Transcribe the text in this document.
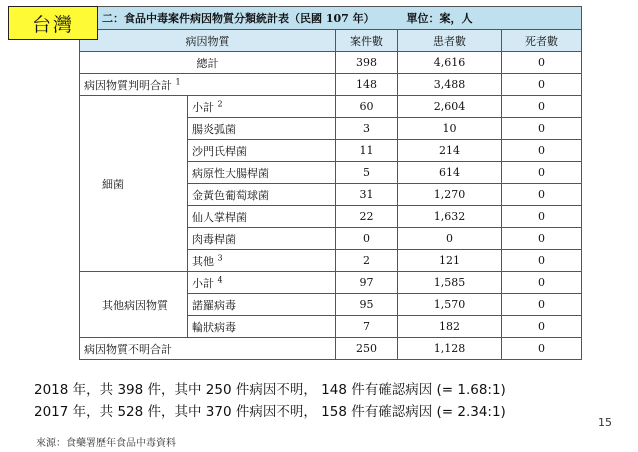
台灣	二：食品中毒案件病因物質分類統計表（民國 107 年） 單位：案，人				
病因物質		案件數	患者數	死者數
總計		398	4,616	0
病因物質判明合計 $^1$		148	3,488	0
細菌	小計 $^2$	60	2,604	0
	腸炎弧菌	3	10	0
	沙門氏桿菌	11	214	0
	病原性大腸桿菌	5	614	0
	金黃色葡萄球菌	31	1,270	0
	仙人掌桿菌	22	1,632	0
	肉毒桿菌	0	0	0
	其他 $^3$	2	121	0
其他病因物質	小計 $^4$	97	1,585	0
	諾羅病毒	95	1,570	0
	輪狀病毒	7	182	0
病因物質不明合計		250	1,128	0
2018 年，共 398 件，其中 250 件病因不明， 148 件有確認病因 (= 1.68:1)
2017 年，共 528 件，其中 370 件病因不明， 158 件有確認病因 (= 2.34:1)
15
來源：食藥署歷年食品中毒資料
